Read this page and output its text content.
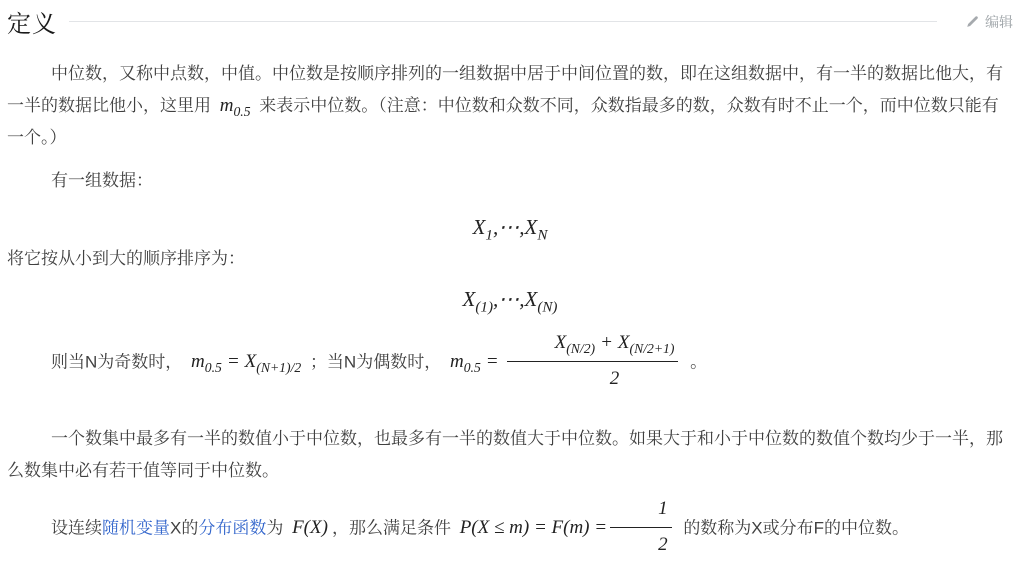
定义	编辑

中位数，又称中点数，中值。中位数是按顺序排列的一组数据中居于中间位置的数，即在这组数据中，有一半的数据比他大，有一半的数据比他小，这里用 $m_{0.5}$ 来表示中位数。（注意：中位数和众数不同，众数指最多的数，众数有时不止一个，而中位数只能有一个。）

有一组数据：

$X_1,\cdots,X_N$

将它按从小到大的顺序排序为：

$X_{(1)},\cdots,X_{(N)}$

则当N为奇数时， $m_{0.5} = X_{(N+1)/2}$ ；当N为偶数时， $m_{0.5} = \frac{X_{(N/2)} + X_{(N/2+1)}}{2}$ 。

一个数集中最多有一半的数值小于中位数，也最多有一半的数值大于中位数。如果大于和小于中位数的数值个数均少于一半，那么数集中必有若干值等同于中位数。

设连续随机变量X的分布函数为 F(X) ，那么满足条件 $P(X \le m) = F(m) = \frac{1}{2}$ 的数称为X或分布F的中位数。
